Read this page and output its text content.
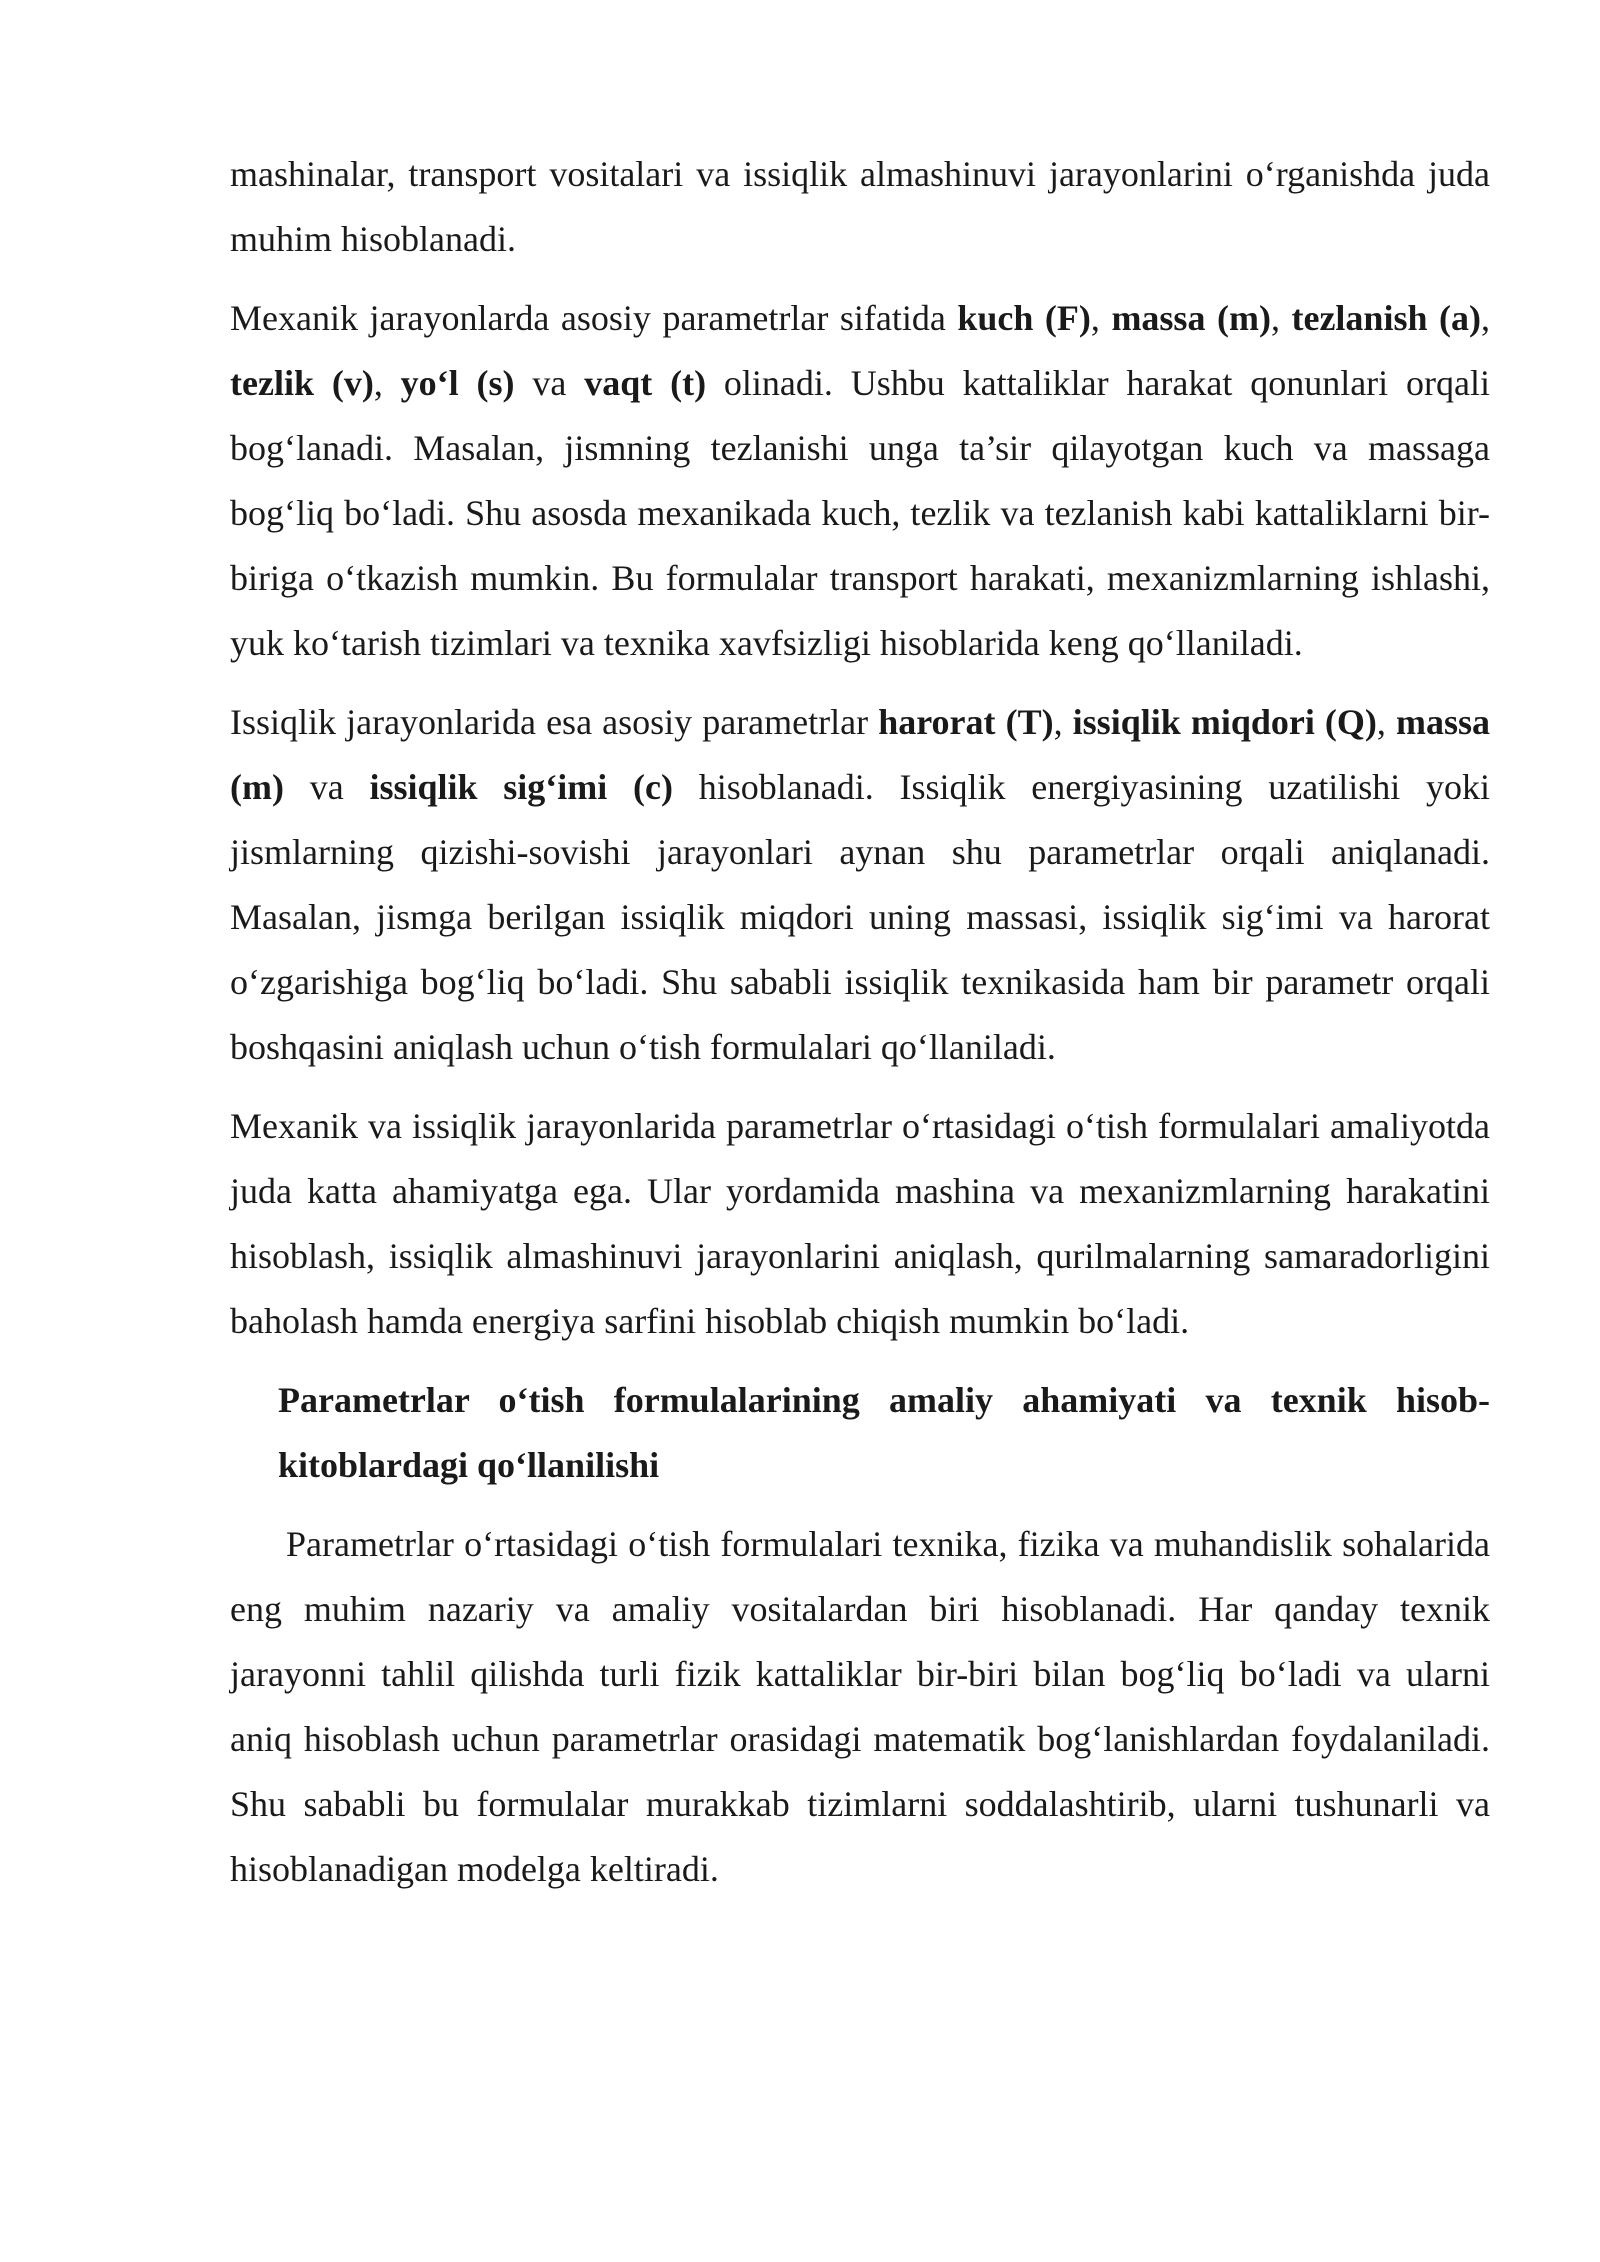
mashinalar, transport vositalari va issiqlik almashinuvi jarayonlarini o‘rganishda juda muhim hisoblanadi.

Mexanik jarayonlarda asosiy parametrlar sifatida kuch (F), massa (m), tezlanish (a), tezlik (v), yo‘l (s) va vaqt (t) olinadi. Ushbu kattaliklar harakat qonunlari orqali bog‘lanadi. Masalan, jismning tezlanishi unga ta’sir qilayotgan kuch va massaga bog‘liq bo‘ladi. Shu asosda mexanikada kuch, tezlik va tezlanish kabi kattaliklarni bir-biriga o‘tkazish mumkin. Bu formulalar transport harakati, mexanizmlarning ishlashi, yuk ko‘tarish tizimlari va texnika xavfsizligi hisoblarida keng qo‘llaniladi.

Issiqlik jarayonlarida esa asosiy parametrlar harorat (T), issiqlik miqdori (Q), massa (m) va issiqlik sig‘imi (c) hisoblanadi. Issiqlik energiyasining uzatilishi yoki jismlarning qizishi-sovishi jarayonlari aynan shu parametrlar orqali aniqlanadi. Masalan, jismga berilgan issiqlik miqdori uning massasi, issiqlik sig‘imi va harorat o‘zgarishiga bog‘liq bo‘ladi. Shu sababli issiqlik texnikasida ham bir parametr orqali boshqasini aniqlash uchun o‘tish formulalari qo‘llaniladi.

Mexanik va issiqlik jarayonlarida parametrlar o‘rtasidagi o‘tish formulalari amaliyotda juda katta ahamiyatga ega. Ular yordamida mashina va mexanizmlarning harakatini hisoblash, issiqlik almashinuvi jarayonlarini aniqlash, qurilmalarning samaradorligini baholash hamda energiya sarfini hisoblab chiqish mumkin bo‘ladi.

Parametrlar o‘tish formulalarining amaliy ahamiyati va texnik hisob-kitoblardagi qo‘llanilishi

Parametrlar o‘rtasidagi o‘tish formulalari texnika, fizika va muhandislik sohalarida eng muhim nazariy va amaliy vositalardan biri hisoblanadi. Har qanday texnik jarayonni tahlil qilishda turli fizik kattaliklar bir-biri bilan bog‘liq bo‘ladi va ularni aniq hisoblash uchun parametrlar orasidagi matematik bog‘lanishlardan foydalaniladi. Shu sababli bu formulalar murakkab tizimlarni soddalashtirib, ularni tushunarli va hisoblanadigan modelga keltiradi.
